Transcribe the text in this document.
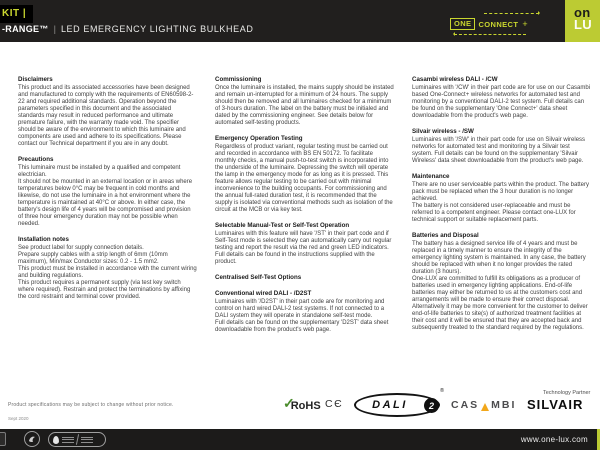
KIT |
-RANGE™ | LED EMERGENCY LIGHTING BULKHEAD
ONE CONNECT +
on
LU
Disclaimers

This product and its associated accessories have been designed and manufactured to comply with the requirements of EN60598-2-22 and required additional standards. Operation beyond the parameters specified in this document and the associated standards may result in reduced performance and ultimate premature failure, with the warranty made void. The specifier should be aware of the environment to which this luminaire and components are used and adhere to its specifications. Please contact our Technical department if you are in any doubt.

Precautions

This luminaire must be installed by a qualified and competent electrician.

It should not be mounted in an external location or in areas where temperatures below 0°C may be frequent in cold months and likewise, do not use the luminaire in a hot environment where the temperature is maintained at 40°C or above. In either case, the battery's design life of 4 years will be compromised and provision of three hour emergency duration may not be possible when needed.

Installation notes

See product label for supply connection details.

Prepare supply cables with a strip length of 6mm (10mm maximum), Min/max Conductor sizes: 0.2 - 1.5 mm2.

This product must be installed in accordance with the current wiring and building regulations.

This product requires a permanent supply (via test key switch where required). Restrain and protect the terminations by affixing the cord restraint and terminal cover provided.

Commissioning

Once the luminaire is installed, the mains supply should be instated and remain un-interrupted for a minimum of 24 hours. The supply should then be removed and all luminaires checked for a minimum of 3-hours duration. The label on the battery must be initialed and dated by the commissioning engineer. See details below for automated self-testing products.

Emergency Operation Testing

Regardless of product variant, regular testing must be carried out and recorded in accordance with BS EN 50172. To facilitate monthly checks, a manual push-to-test switch is incorporated into the underside of the luminaire. Depressing the switch will operate the lamp in the emergency mode for as long as it is pressed. This feature allows regular testing to be carried out with minimal inconvenience to the building occupants. For commissioning and the annual full-rated duration test, it is recommended that the supply is isolated via conventional methods such as isolation of the circuit at the MCB or via key test.

Selectable Manual-Test or Self-Test Operation

Luminaires with this feature will have '/ST' in their part code and if Self-Test mode is selected they can automatically carry out regular testing and report the result via the red and green LED indicators. Full details can be found in the instructions supplied with the product.

Centralised Self-Test Options
Conventional wired DALI - /D2ST

Luminaires with '/D2ST' in their part code are for monitoring and control on hard wired DALI-2 test systems. If not connected to a DALI system they will operate in standalone self-test mode.

Full details can be found on the supplementary 'D2ST' data sheet downloadable from the product's web page.

Casambi wireless DALI - /CW

Luminaires with '/CW' in their part code are for use on our Casambi based One-Connect+ wireless networks for automated test and monitoring by a conventional DALI-2 test system. Full details can be found on the supplementary 'One Connect+' data sheet downloadable from the product's web page.

Silvair wireless - /SW

Luminaires with '/SW' in their part code for use on Silvair wireless networks for automated test and monitoring by a Silvair test system. Full details can be found on the supplementary 'Silvair Wireless' data sheet downloadable from the product's web page.

Maintenance

There are no user serviceable parts within the product. The battery pack must be replaced when the 3 hour duration is no longer achieved.

The battery is not considered user-replaceable and must be referred to a competent engineer. Please contact one-LUX for technical support or suitable replacement parts.

Batteries and Disposal

The battery has a designed service life of 4 years and must be replaced in a timely manner to ensure the integrity of the emergency lighting system is maintained. In any case, the battery should be replaced with when it no longer provides the rated duration (3 hours).

One-LUX are committed to fulfill its obligations as a producer of batteries used in emergency lighting applications. End-of-life batteries may either be returned to us at the customers cost and arrangements will be made to ensure their correct disposal. Alternatively it may be more convenient for the customer to deliver end-of-life batteries to site(s) of authorized treatment facilities at their cost and it will be ensured that they are accepted back and subsequently treated to the standard required by the regulations.

Product specifications may be subject to change without prior notice.
Sept 2020
✓
RoHS CЄ	DALI	2
®
CAS MBI
Technology Partner
SILVAIR
www.one-lux.com
